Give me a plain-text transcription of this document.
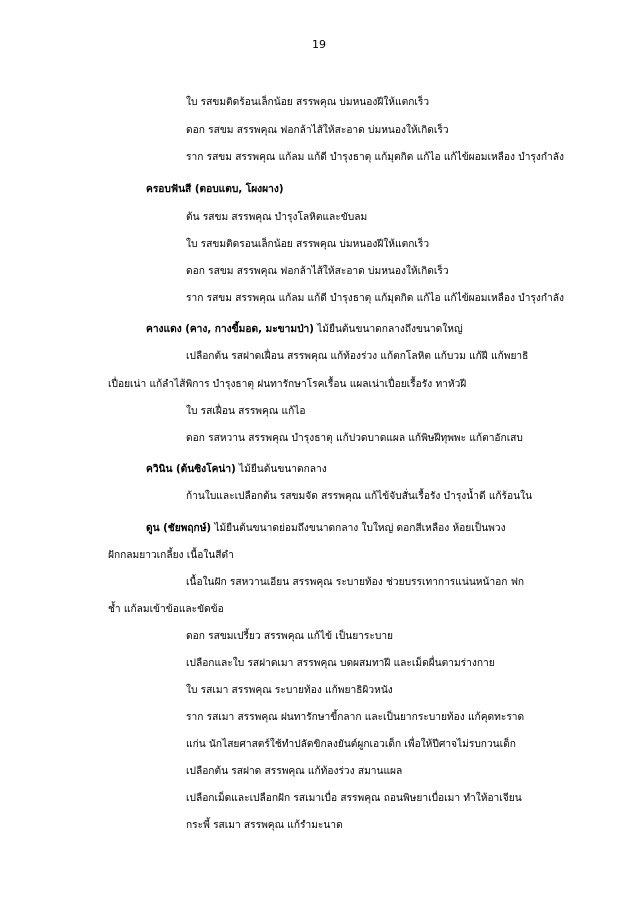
19
ใบ รสขมติดร้อนเล็กน้อย สรรพคุณ บ่มหนองฝีให้แตกเร็ว
ดอก รสขม สรรพคุณ ฟอกล้าไส้ให้สะอาด บ่มหนองให้เกิดเร็ว
ราก รสขม สรรพคุณ แก้ลม แก้ดี บำรุงธาตุ แก้มุตกิด แก้ไอ แก้ไข้ผอมเหลือง บำรุงกำลัง
ครอบฟันสี (ตอบแตบ, โผงผาง)
ต้น รสขม สรรพคุณ บำรุงโลหิตและขับลม
ใบ รสขมติดรอนเล็กน้อย สรรพคุณ บ่มหนองฝีให้แตกเร็ว
ดอก รสขม สรรพคุณ ฟอกล้าไส้ให้สะอาด บ่มหนองให้เกิดเร็ว
ราก รสขม สรรพคุณ แก้ลม แก้ดี บำรุงธาตุ แก้มุตกิด แก้ไอ แก้ไข้ผอมเหลือง บำรุงกำลัง
คางแดง (คาง, กางขี้มอด, มะขามป่า) ไม้ยืนต้นขนาดกลางถึงขนาดใหญ่
เปลือกต้น รสฝาดเฝื่อน สรรพคุณ แก้ท้องร่วง แก้ตกโลหิต แก้บวม แก้ฝี แก้พยาธิ
เปื่อยเน่า แก้ลำไส้พิการ บำรุงธาตุ ฝนทารักษาโรคเรื้อน แผลเน่าเปื่อยเรื้อรัง ทาหัวฝี
ใบ รสเฝื่อน สรรพคุณ แก้ไอ
ดอก รสหวาน สรรพคุณ บำรุงธาตุ แก้ปวดบาดแผล แก้พิษฝีทุพพะ แก้ตาอักเสบ
ควินิน (ต้นซิงโคน่า) ไม้ยืนต้นขนาดกลาง
ก้านใบและเปลือกต้น รสขมจัด สรรพคุณ แก้ไข้จับสั่นเรื้อรัง บำรุงน้ำดี แก้ร้อนใน
ดูน (ชัยพฤกษ์) ไม้ยืนต้นขนาดย่อมถึงขนาดกลาง ใบใหญ่ ดอกสีเหลือง ห้อยเป็นพวง
ฝักกลมยาวเกลี้ยง เนื้อในสีดำ
เนื้อในฝัก รสหวานเอียน สรรพคุณ ระบายท้อง ช่วยบรรเทาการแน่นหน้าอก ฟก
ช้ำ แก้ลมเข้าข้อและขัดข้อ
ดอก รสขมเปรี้ยว สรรพคุณ แก้ไข้ เป็นยาระบาย
เปลือกและใบ รสฝาดเมา สรรพคุณ บดผสมทาฝี และเม็ดผื่นตามร่างกาย
ใบ รสเมา สรรพคุณ ระบายท้อง แก้พยาธิผิวหนัง
ราก รสเมา สรรพคุณ ฝนทารักษาขี้กลาก และเป็นยากระบายท้อง แก้คุดทะราด
แก่น นักไสยศาสตร์ใช้ทำปลัดขิกลงยันต์ผูกเอวเด็ก เพื่อให้ปีศาจไม่รบกวนเด็ก
เปลือกต้น รสฝาด สรรพคุณ แก้ท้องร่วง สมานแผล
เปลือกเม็ดและเปลือกฝัก รสเมาเบื่อ สรรพคุณ ถอนพิษยาเบื่อเมา ทำให้อาเจียน
กระพี้ รสเมา สรรพคุณ แก้รำมะนาด
